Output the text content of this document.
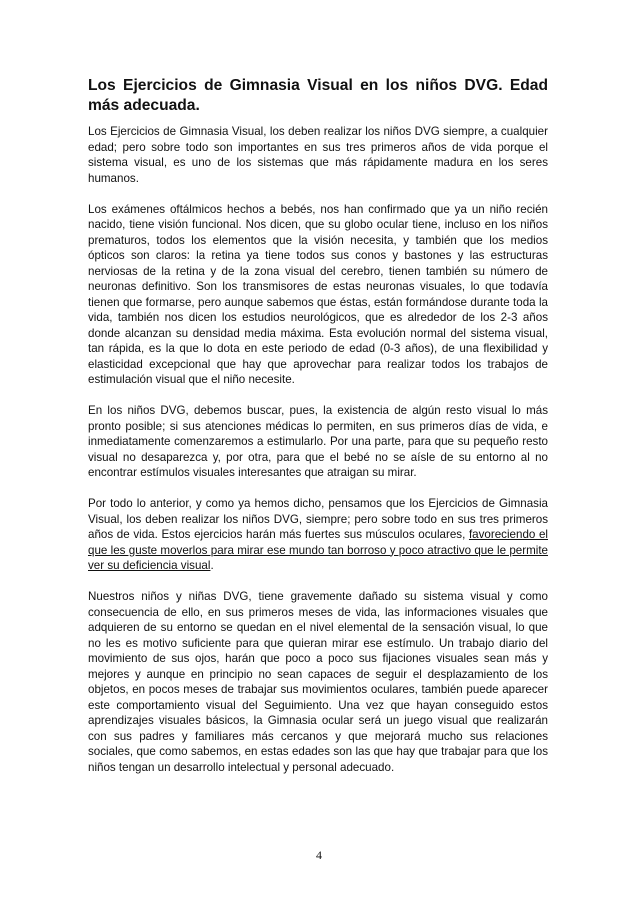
Los Ejercicios de Gimnasia Visual en los niños DVG. Edad más adecuada.

Los Ejercicios de Gimnasia Visual, los deben realizar los niños DVG siempre, a cualquier edad; pero sobre todo son importantes en sus tres primeros años de vida porque el sistema visual, es uno de los sistemas que más rápidamente madura en los seres humanos.

Los exámenes oftálmicos hechos a bebés, nos han confirmado que ya un niño recién nacido, tiene visión funcional. Nos dicen, que su globo ocular tiene, incluso en los niños prematuros, todos los elementos que la visión necesita, y también que los medios ópticos son claros: la retina ya tiene todos sus conos y bastones y las estructuras nerviosas de la retina y de la zona visual del cerebro, tienen también su número de neuronas definitivo. Son los transmisores de estas neuronas visuales, lo que todavía tienen que formarse, pero aunque sabemos que éstas, están formándose durante toda la vida, también nos dicen los estudios neurológicos, que es alrededor de los 2-3 años donde alcanzan su densidad media máxima. Esta evolución normal del sistema visual, tan rápida, es la que lo dota en este periodo de edad (0-3 años), de una flexibilidad y elasticidad excepcional que hay que aprovechar para realizar todos los trabajos de estimulación visual que el niño necesite.

En los niños DVG, debemos buscar, pues, la existencia de algún resto visual lo más pronto posible; si sus atenciones médicas lo permiten, en sus primeros días de vida, e inmediatamente comenzaremos a estimularlo. Por una parte, para que su pequeño resto visual no desaparezca y, por otra, para que el bebé no se aísle de su entorno al no encontrar estímulos visuales interesantes que atraigan su mirar.

Por todo lo anterior, y como ya hemos dicho, pensamos que los Ejercicios de Gimnasia Visual, los deben realizar los niños DVG, siempre; pero sobre todo en sus tres primeros años de vida. Estos ejercicios harán más fuertes sus músculos oculares, favoreciendo el que les guste moverlos para mirar ese mundo tan borroso y poco atractivo que le permite ver su deficiencia visual.

Nuestros niños y niñas DVG, tiene gravemente dañado su sistema visual y como consecuencia de ello, en sus primeros meses de vida, las informaciones visuales que adquieren de su entorno se quedan en el nivel elemental de la sensación visual, lo que no les es motivo suficiente para que quieran mirar ese estímulo. Un trabajo diario del movimiento de sus ojos, harán que poco a poco sus fijaciones visuales sean más y mejores y aunque en principio no sean capaces de seguir el desplazamiento de los objetos, en pocos meses de trabajar sus movimientos oculares, también puede aparecer este comportamiento visual del Seguimiento. Una vez que hayan conseguido estos aprendizajes visuales básicos, la Gimnasia ocular será un juego visual que realizarán con sus padres y familiares más cercanos y que mejorará mucho sus relaciones sociales, que como sabemos, en estas edades son las que hay que trabajar para que los niños tengan un desarrollo intelectual y personal adecuado.

4
